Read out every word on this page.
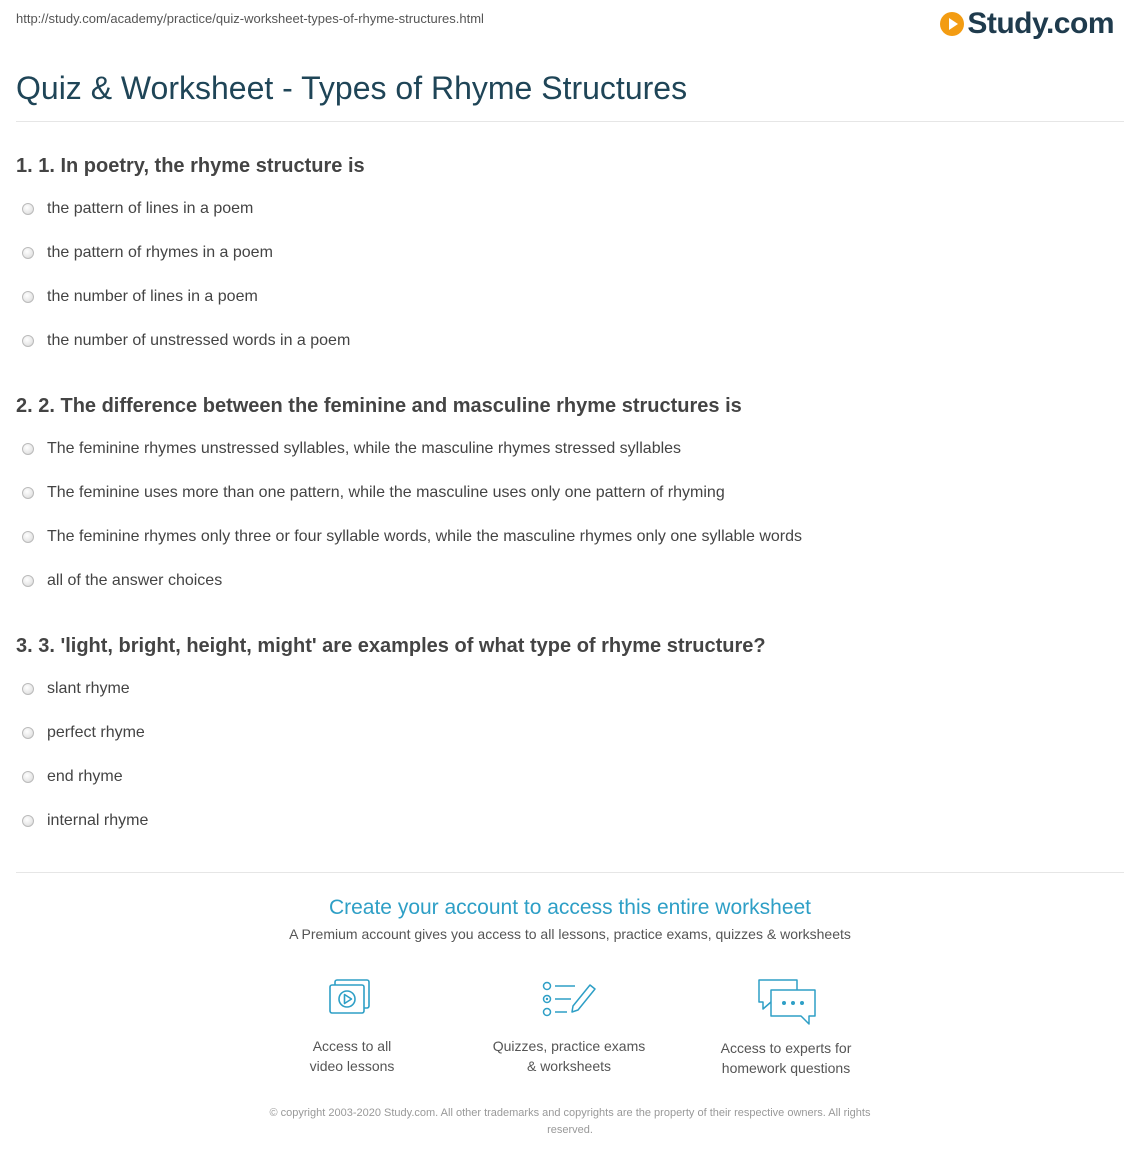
http://study.com/academy/practice/quiz-worksheet-types-of-rhyme-structures.html	Study.com
Quiz & Worksheet - Types of Rhyme Structures
1. 1. In poetry, the rhyme structure is
the pattern of lines in a poem
the pattern of rhymes in a poem
the number of lines in a poem
the number of unstressed words in a poem
2. 2. The difference between the feminine and masculine rhyme structures is
The feminine rhymes unstressed syllables, while the masculine rhymes stressed syllables
The feminine uses more than one pattern, while the masculine uses only one pattern of rhyming
The feminine rhymes only three or four syllable words, while the masculine rhymes only one syllable words
all of the answer choices
3. 3. 'light, bright, height, might' are examples of what type of rhyme structure?
slant rhyme
perfect rhyme
end rhyme
internal rhyme
Create your account to access this entire worksheet
A Premium account gives you access to all lessons, practice exams, quizzes & worksheets
Access to all
video lessons
Quizzes, practice exams
& worksheets
Access to experts for
homework questions
© copyright 2003-2020 Study.com. All other trademarks and copyrights are the property of their respective owners. All rights
reserved.
